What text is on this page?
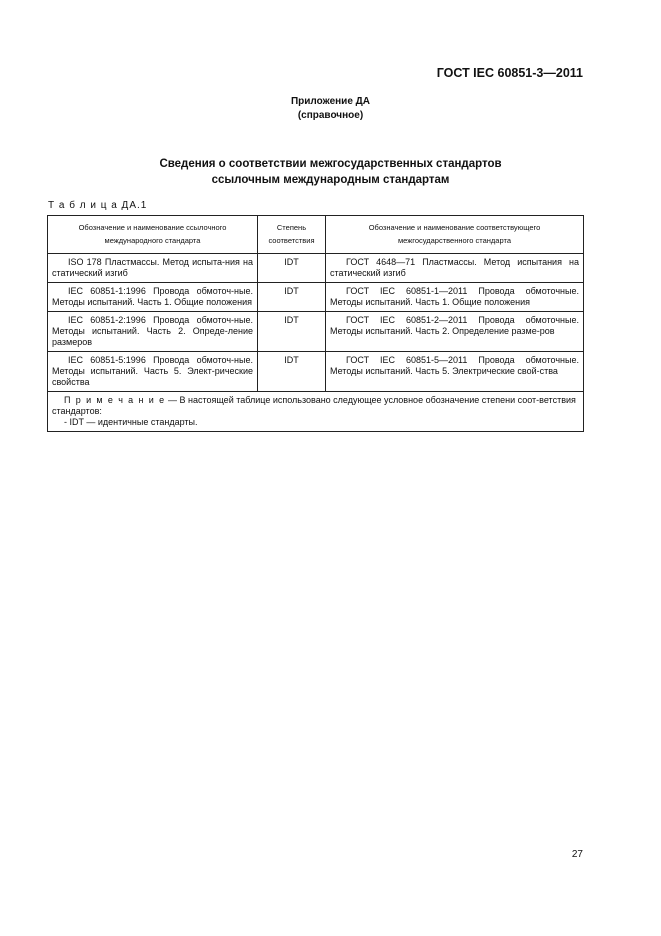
ГОСТ IEC 60851-3—2011
Приложение ДА
(справочное)
Сведения о соответствии межгосударственных стандартов
ссылочным международным стандартам
Т а б л и ц а ДА.1
Обозначение и наименование ссылочного международного стандарта	Степень соответствия	Обозначение и наименование соответствующего межгосударственного стандарта
ISO 178 Пластмассы. Метод испыта-ния на статический изгиб	IDT	ГОСТ 4648—71 Пластмассы. Метод испытания на статический изгиб
IEC 60851-1:1996 Провода обмоточ-ные. Методы испытаний. Часть 1. Общие положения	IDT	ГОСТ IEC 60851-1—2011 Провода обмоточные. Методы испытаний. Часть 1. Общие положения
IEC 60851-2:1996 Провода обмоточ-ные. Методы испытаний. Часть 2. Опреде-ление размеров	IDT	ГОСТ IEC 60851-2—2011 Провода обмоточные. Методы испытаний. Часть 2. Определение разме-ров
IEC 60851-5:1996 Провода обмоточ-ные. Методы испытаний. Часть 5. Элект-рические свойства	IDT	ГОСТ IEC 60851-5—2011 Провода обмоточные. Методы испытаний. Часть 5. Электрические свой-ства

П р и м е ч а н и е — В настоящей таблице использовано следующее условное обозначение степени соот-ветствия стандартов:

- IDT — идентичные стандарты.		

27
